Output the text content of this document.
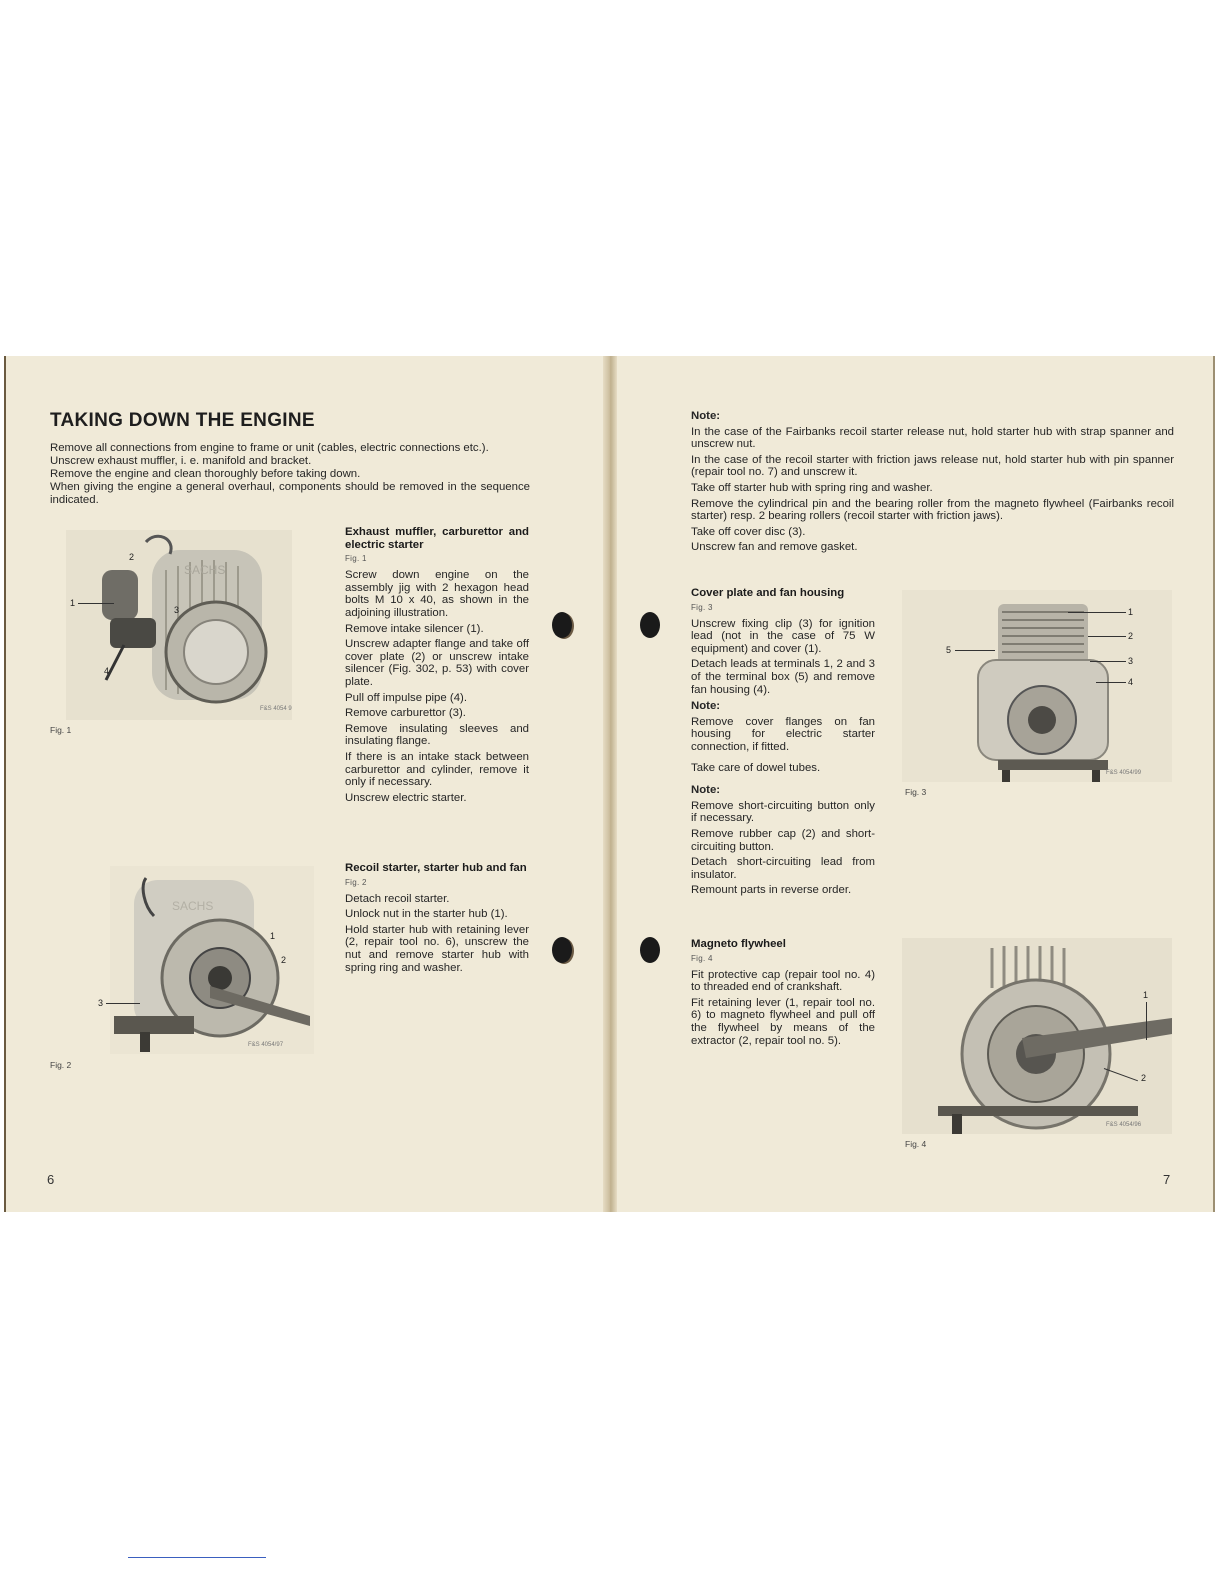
TAKING DOWN THE ENGINE

Remove all connections from engine to frame or unit (cables, electric connections etc.).

Unscrew exhaust muffler, i. e. manifold and bracket.

Remove the engine and clean thoroughly before taking down.

When giving the engine a general overhaul, components should be removed in the sequence indicated.

SACHS
F&S 4054 98
2
1
3
4
Fig. 1

Exhaust muffler, carburettor and electric starter

Fig. 1

Screw down engine on the assembly jig with 2 hexagon head bolts M 10 x 40, as shown in the adjoining illustration.

Remove intake silencer (1).

Unscrew adapter flange and take off cover plate (2) or unscrew intake silencer (Fig. 302, p. 53) with cover plate.

Pull off impulse pipe (4).

Remove carburettor (3).

Remove insulating sleeves and insulating flange.

If there is an intake stack between carburettor and cylinder, remove it only if necessary.

Unscrew electric starter.

SACHS
F&S 4054/97
1
2
3
Fig. 2

Recoil starter, starter hub and fan

Fig. 2

Detach recoil starter.

Unlock nut in the starter hub (1).

Hold starter hub with retaining lever (2, repair tool no. 6), unscrew the nut and remove starter hub with spring ring and washer.

6

Note:

In the case of the Fairbanks recoil starter release nut, hold starter hub with strap spanner and unscrew nut.

In the case of the recoil starter with friction jaws release nut, hold starter hub with pin spanner (repair tool no. 7) and unscrew it.

Take off starter hub with spring ring and washer.

Remove the cylindrical pin and the bearing roller from the magneto flywheel (Fairbanks recoil starter) resp. 2 bearing rollers (recoil starter with friction jaws).

Take off cover disc (3).

Unscrew fan and remove gasket.

Cover plate and fan housing

Fig. 3

Unscrew fixing clip (3) for ignition lead (not in the case of 75 W equipment) and cover (1).

Detach leads at terminals 1, 2 and 3 of the terminal box (5) and remove fan housing (4).

Note:

Remove cover flanges on fan housing for electric starter connection, if fitted.

Take care of dowel tubes.

Note:

Remove short-circuiting button only if necessary.

Remove rubber cap (2) and short-circuiting button.

Detach short-circuiting lead from insulator.

Remount parts in reverse order.

F&S 4054/99
1
2
3
4
5
Fig. 3

Magneto flywheel

Fig. 4

Fit protective cap (repair tool no. 4) to threaded end of crankshaft.

Fit retaining lever (1, repair tool no. 6) to magneto flywheel and pull off the flywheel by means of the extractor (2, repair tool no. 5).

F&S 4054/96
1
2
Fig. 4
7
